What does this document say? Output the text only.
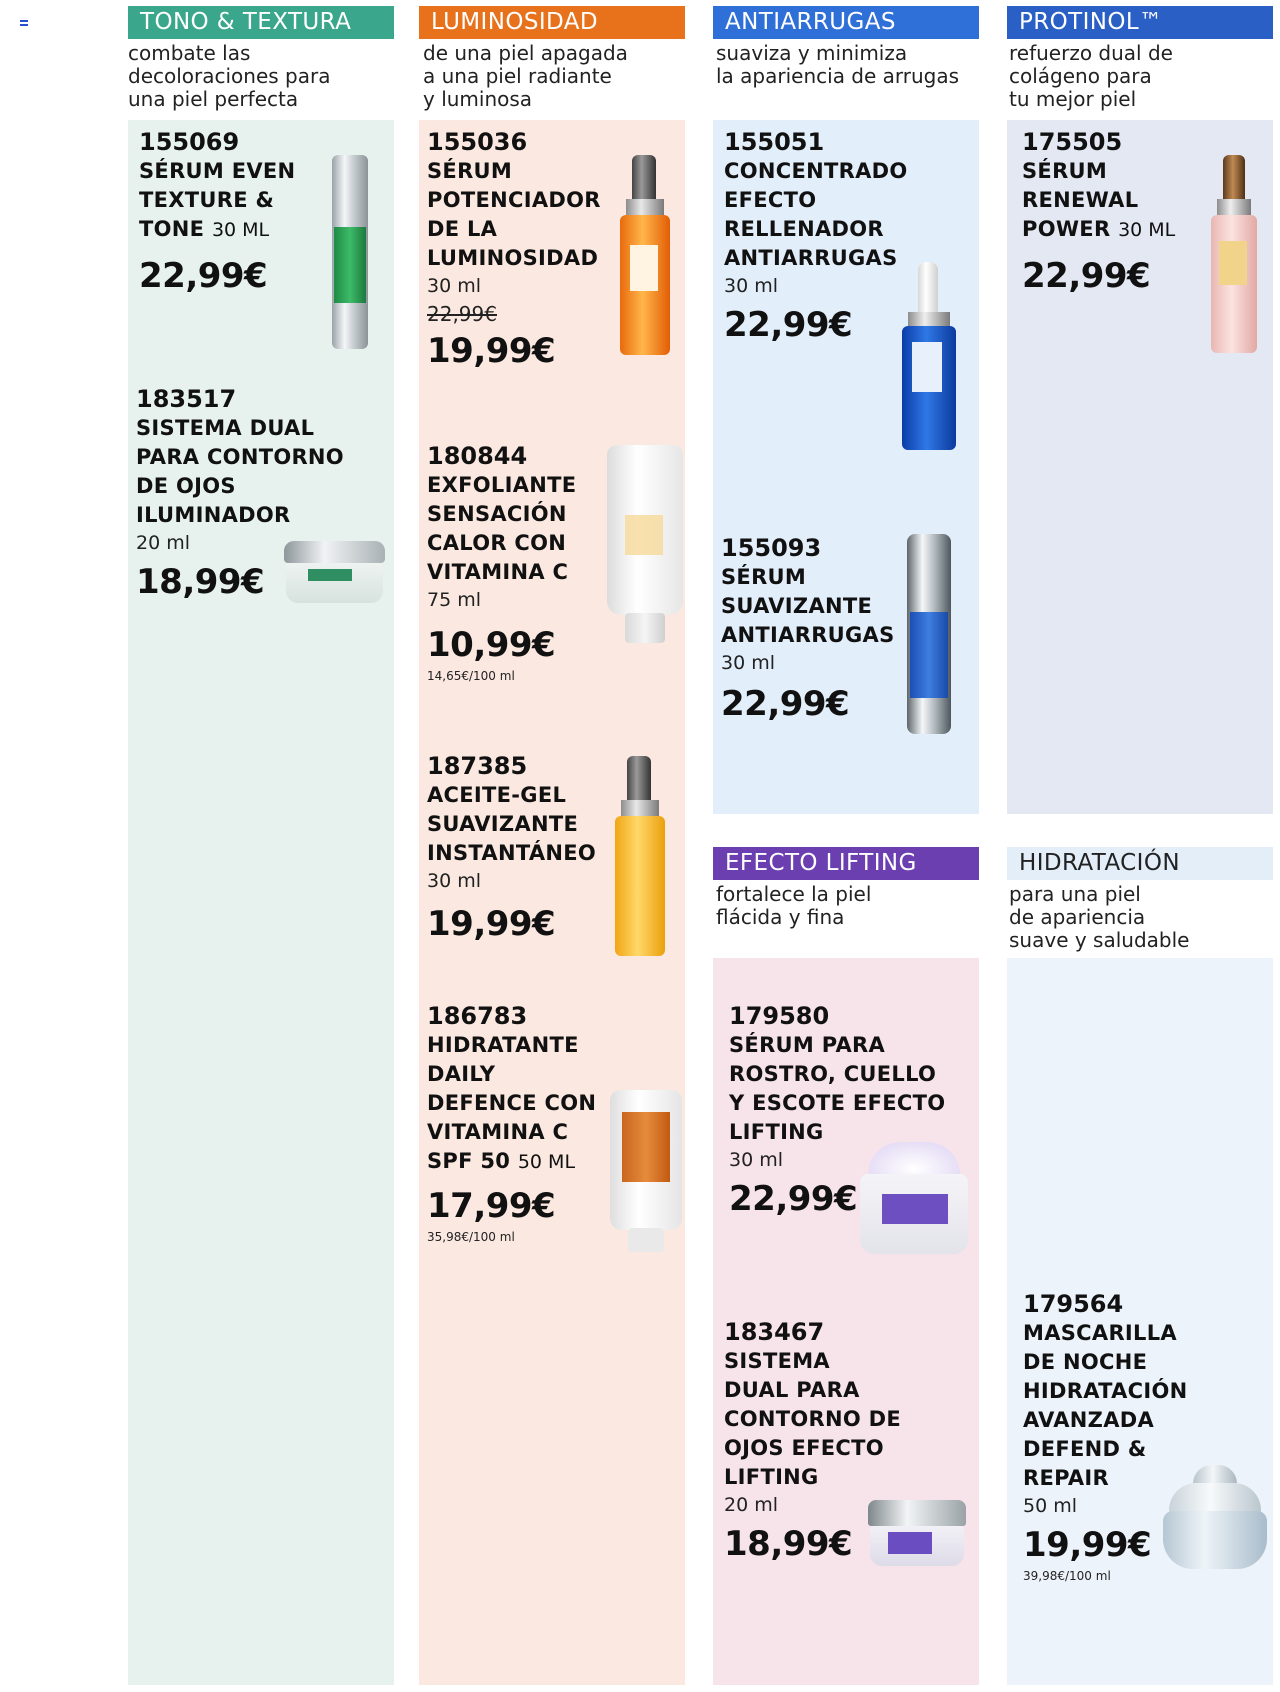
TONO & TEXTURA
combate las
decoloraciones para
una piel perfecta
155069
SÉRUM EVEN
TEXTURE &
TONE 30 ML
22,99€
183517
SISTEMA DUAL
PARA CONTORNO
DE OJOS
ILUMINADOR
20 ml
18,99€
LUMINOSIDAD
de una piel apagada
a una piel radiante
y luminosa
155036
SÉRUM
POTENCIADOR
DE LA
LUMINOSIDAD
30 ml
22,99€
19,99€
180844
EXFOLIANTE
SENSACIÓN
CALOR CON
VITAMINA C
75 ml
10,99€
14,65€/100 ml
187385
ACEITE-GEL
SUAVIZANTE
INSTANTÁNEO
30 ml
19,99€
186783
HIDRATANTE
DAILY
DEFENCE CON
VITAMINA C
SPF 50 50 ML
17,99€
35,98€/100 ml
ANTIARRUGAS
suaviza y minimiza
la apariencia de arrugas
155051
CONCENTRADO
EFECTO
RELLENADOR
ANTIARRUGAS
30 ml
22,99€
155093
SÉRUM
SUAVIZANTE
ANTIARRUGAS
30 ml
22,99€
PROTINOL™
refuerzo dual de
colágeno para
tu mejor piel
175505
SÉRUM
RENEWAL
POWER 30 ML
22,99€
EFECTO LIFTING
fortalece la piel
flácida y fina
179580
SÉRUM PARA
ROSTRO, CUELLO
Y ESCOTE EFECTO
LIFTING
30 ml
22,99€
183467
SISTEMA
DUAL PARA
CONTORNO DE
OJOS EFECTO
LIFTING
20 ml
18,99€
HIDRATACIÓN
para una piel
de apariencia
suave y saludable
179564
MASCARILLA
DE NOCHE
HIDRATACIÓN
AVANZADA
DEFEND &
REPAIR
50 ml
19,99€
39,98€/100 ml
